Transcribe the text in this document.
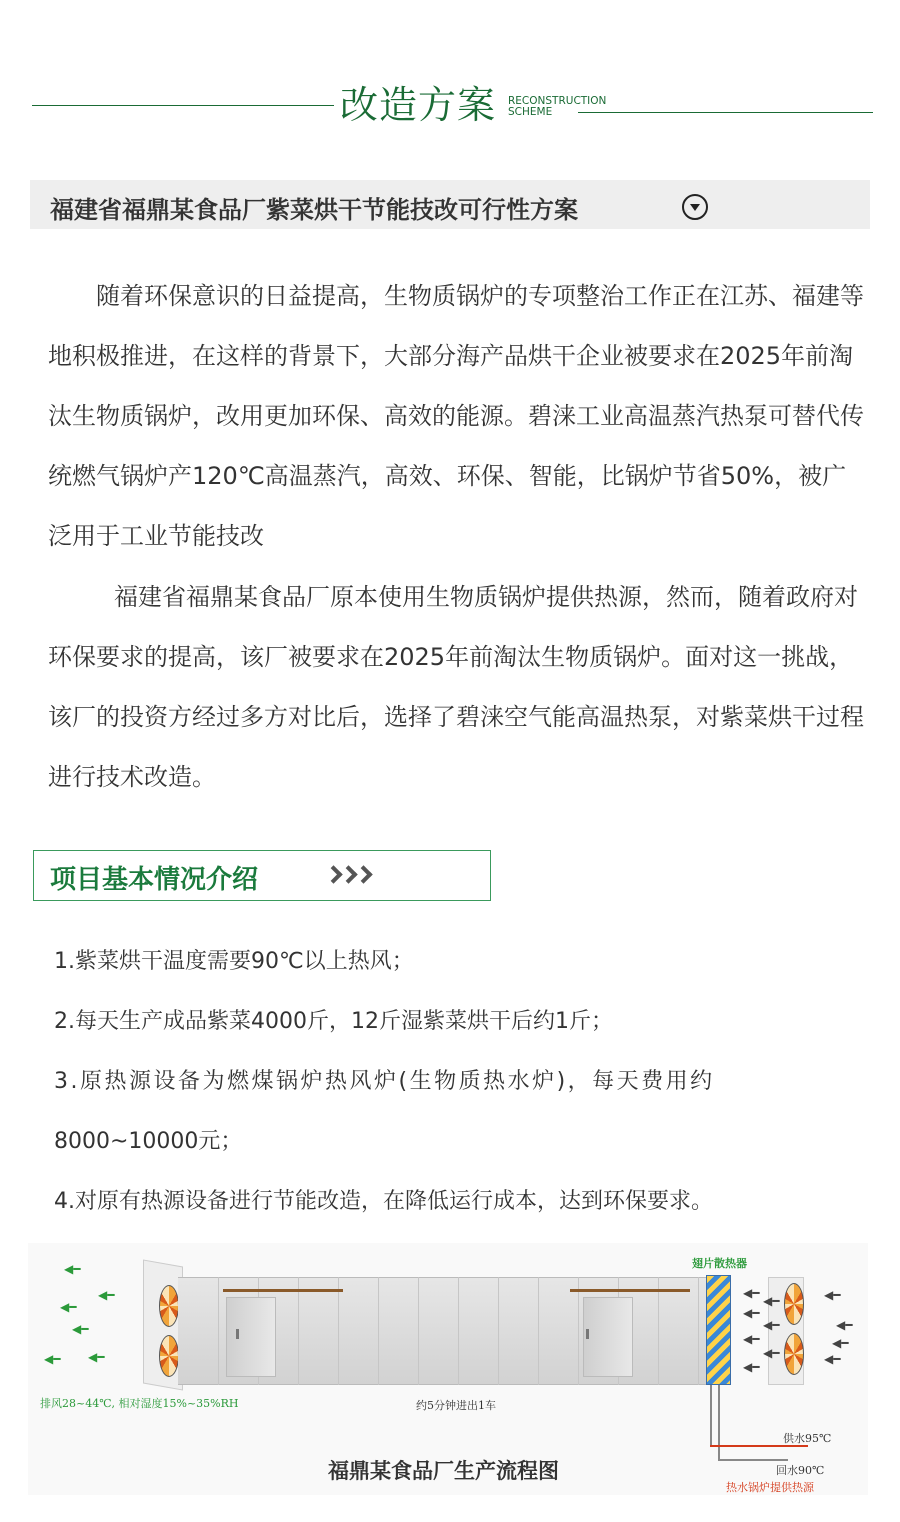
改造方案 RECONSTRUCTION
SCHEME
福建省福鼎某食品厂紫菜烘干节能技改可行性方案

随着环保意识的日益提高，生物质锅炉的专项整治工作正在江苏、福建等地积极推进，在这样的背景下，大部分海产品烘干企业被要求在2025年前淘汰生物质锅炉，改用更加环保、高效的能源。碧涞工业高温蒸汽热泵可替代传统燃气锅炉产120℃高温蒸汽，高效、环保、智能，比锅炉节省50%，被广泛用于工业节能技改

福建省福鼎某食品厂原本使用生物质锅炉提供热源，然而，随着政府对环保要求的提高，该厂被要求在2025年前淘汰生物质锅炉。面对这一挑战，该厂的投资方经过多方对比后，选择了碧涞空气能高温热泵，对紫菜烘干过程进行技术改造。

项目基本情况介绍
1.紫菜烘干温度需要90℃以上热风；
2.每天生产成品紫菜4000斤，12斤湿紫菜烘干后约1斤；
3.原热源设备为燃煤锅炉热风炉(生物质热水炉)，每天费用约
8000~10000元；
4.对原有热源设备进行节能改造，在降低运行成本，达到环保要求。
◀━
◀━
◀━
◀━
◀━ ◀━
翅片散热器
◀━
◀━
◀━
◀━
◀━
◀━
◀━
◀━
◀━
◀━
◀━
排风28~44℃, 相对湿度15%~35%RH	约5分钟进出1车
供水95℃
回水90℃
热水锅炉提供热源
福鼎某食品厂生产流程图
